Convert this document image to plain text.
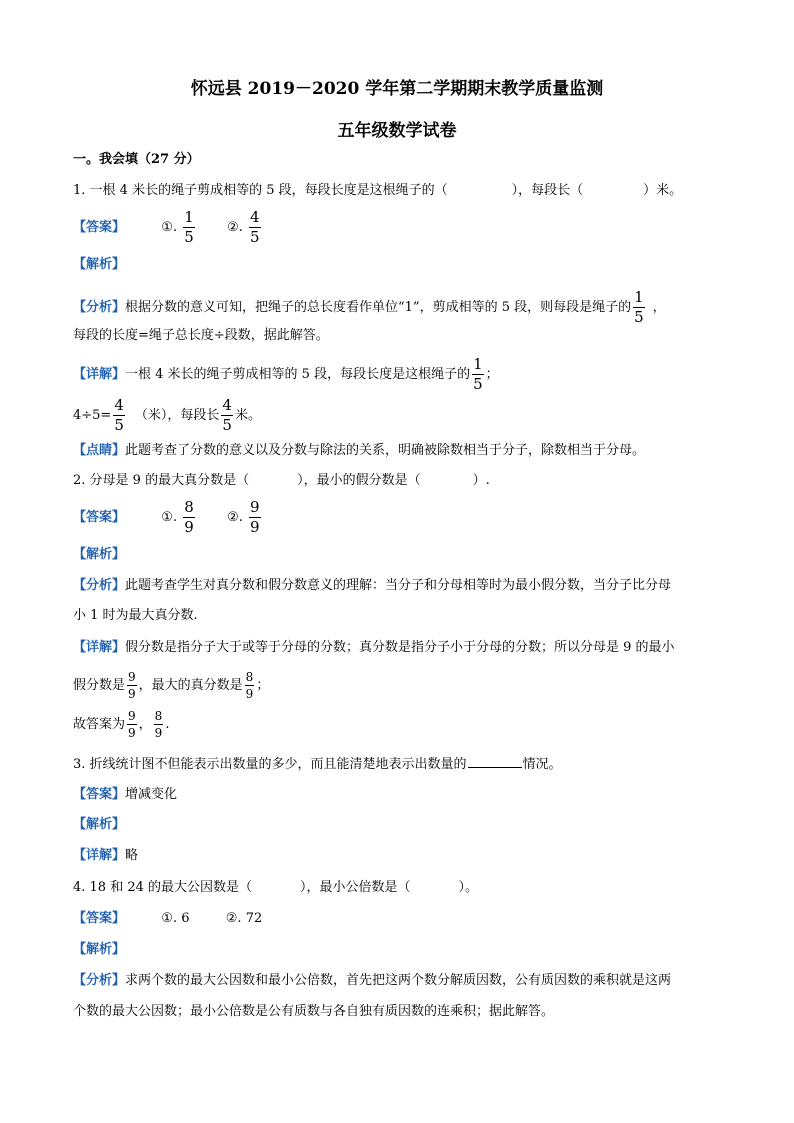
怀远县 2019－2020 学年第二学期期末教学质量监测
五年级数学试卷
一。我会填（27 分）
1. 一根 4 米长的绳子剪成相等的 5 段，每段长度是这根绳子的（	），每段长（	）米。
【答案】	①. $\frac{1}{5}$ ②. $\frac{4}{5}$
【解析】
【分析】根据分数的意义可知，把绳子的总长度看作单位“1”，剪成相等的 5 段，则每段是绳子的 $\frac{1}{5}$ ，
每段的长度=绳子总长度÷段数，据此解答。
【详解】一根 4 米长的绳子剪成相等的 5 段，每段长度是这根绳子的 $\frac{1}{5}$ ；
$4\div 5= \frac{4}{5}$ （米），每段长 $\frac{4}{5}$ 米。
【点睛】此题考查了分数的意义以及分数与除法的关系，明确被除数相当于分子，除数相当于分母。
2. 分母是 9 的最大真分数是（	），最小的假分数是（	）.
【答案】	①. $\frac{8}{9}$ ②. $\frac{9}{9}$
【解析】
【分析】此题考查学生对真分数和假分数意义的理解：当分子和分母相等时为最小假分数，当分子比分母
小 1 时为最大真分数.
【详解】假分数是指分子大于或等于分母的分数；真分数是指分子小于分母的分数；所以分母是 9 的最小
假分数是 $\frac{9}{9}$ ，最大的真分数是 $\frac{8}{9}$ ；
故答案为 $\frac{9}{9}$ ， $\frac{8}{9}$ .
3. 折线统计图不但能表示出数量的多少，而且能清楚地表示出数量的	情况。
【答案】增减变化
【解析】
【详解】略
4. 18 和 24 的最大公因数是（	），最小公倍数是（	）。
【答案】	①. 6	②. 72
【解析】
【分析】求两个数的最大公因数和最小公倍数，首先把这两个数分解质因数，公有质因数的乘积就是这两
个数的最大公因数；最小公倍数是公有质数与各自独有质因数的连乘积；据此解答。
